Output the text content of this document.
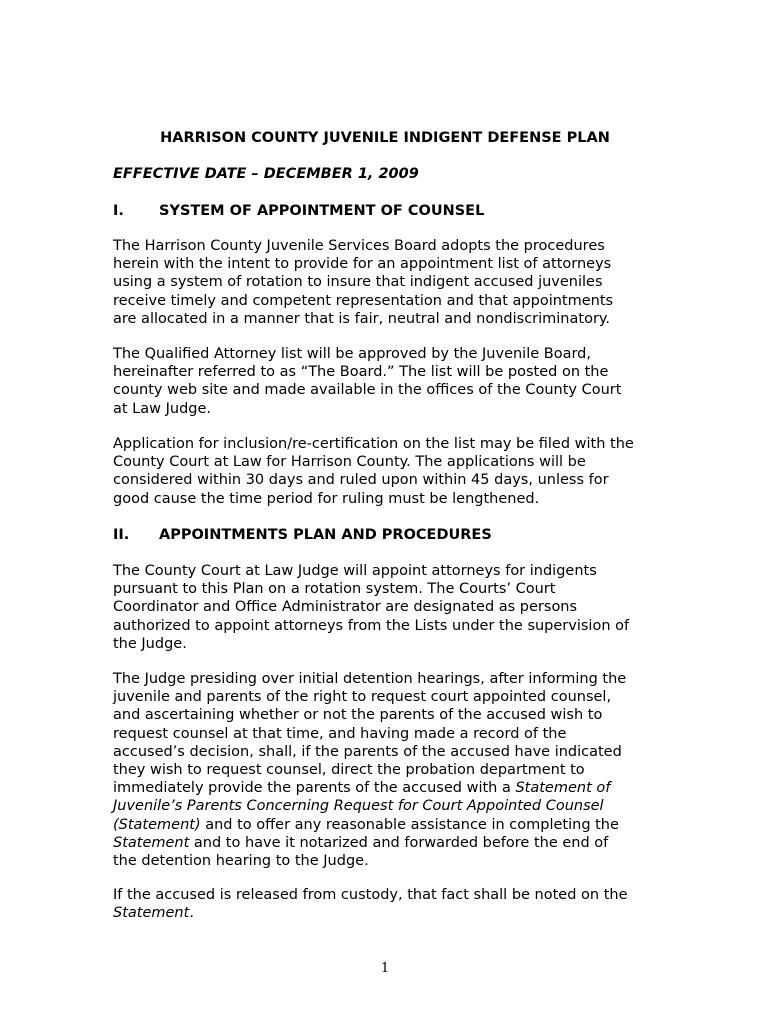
HARRISON COUNTY JUVENILE INDIGENT DEFENSE PLAN
EFFECTIVE DATE – DECEMBER 1, 2009
I. SYSTEM OF APPOINTMENT OF COUNSEL
The Harrison County Juvenile Services Board adopts the procedures
herein with the intent to provide for an appointment list of attorneys
using a system of rotation to insure that indigent accused juveniles
receive timely and competent representation and that appointments
are allocated in a manner that is fair, neutral and nondiscriminatory.
The Qualified Attorney list will be approved by the Juvenile Board,
hereinafter referred to as “The Board.” The list will be posted on the
county web site and made available in the offices of the County Court
at Law Judge.
Application for inclusion/re-certification on the list may be filed with the
County Court at Law for Harrison County. The applications will be
considered within 30 days and ruled upon within 45 days, unless for
good cause the time period for ruling must be lengthened.
II. APPOINTMENTS PLAN AND PROCEDURES
The County Court at Law Judge will appoint attorneys for indigents
pursuant to this Plan on a rotation system. The Courts’ Court
Coordinator and Office Administrator are designated as persons
authorized to appoint attorneys from the Lists under the supervision of
the Judge.
The Judge presiding over initial detention hearings, after informing the
juvenile and parents of the right to request court appointed counsel,
and ascertaining whether or not the parents of the accused wish to
request counsel at that time, and having made a record of the
accused’s decision, shall, if the parents of the accused have indicated
they wish to request counsel, direct the probation department to
immediately provide the parents of the accused with a Statement of
Juvenile’s Parents Concerning Request for Court Appointed Counsel
(Statement) and to offer any reasonable assistance in completing the
Statement and to have it notarized and forwarded before the end of
the detention hearing to the Judge.
If the accused is released from custody, that fact shall be noted on the
Statement.
1
